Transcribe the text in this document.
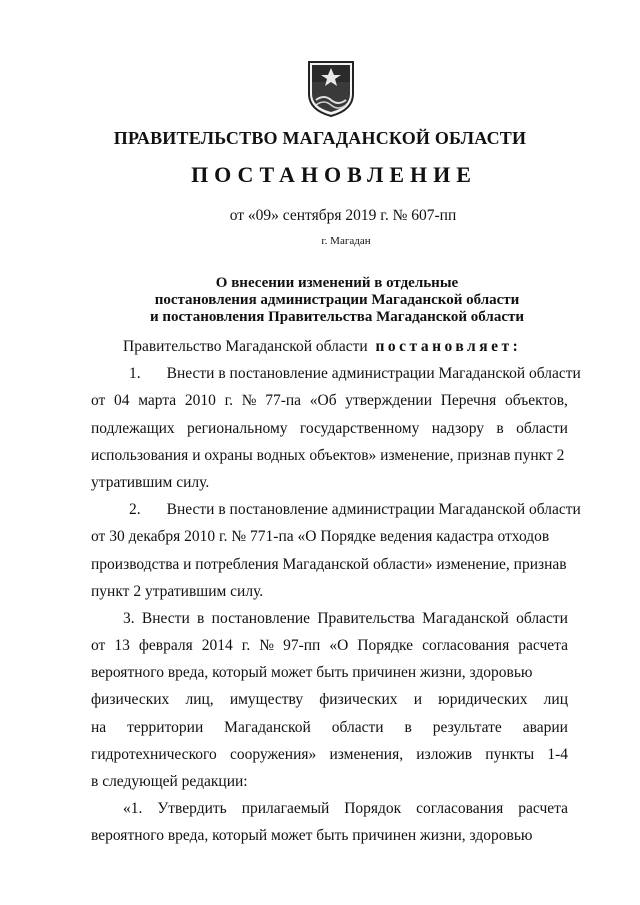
ПРАВИТЕЛЬСТВО МАГАДАНСКОЙ ОБЛАСТИ
ПОСТАНОВЛЕНИЕ
от «09» сентября 2019 г. № 607-пп
г. Магадан
О внесении изменений в отдельные
постановления администрации Магаданской области
и постановления Правительства Магаданской области
Правительство Магаданской области
постановляет:
1. Внести в постановление администрации Магаданской области
от 04 марта 2010 г. № 77-па «Об утверждении Перечня объектов,
подлежащих региональному государственному надзору в области
использования и охраны водных объектов» изменение, признав пункт 2
утратившим силу.
2. Внести в постановление администрации Магаданской области
от 30 декабря 2010 г. № 771-па «О Порядке ведения кадастра отходов
производства и потребления Магаданской области» изменение, признав
пункт 2 утратившим силу.
3. Внести в постановление Правительства Магаданской области
от 13 февраля 2014 г. № 97-пп «О Порядке согласования расчета
вероятного вреда, который может быть причинен жизни, здоровью
физических лиц, имуществу физических и юридических лиц
на территории Магаданской области в результате аварии
гидротехнического сооружения» изменения, изложив пункты 1-4
в следующей редакции:
«1. Утвердить прилагаемый Порядок согласования расчета
вероятного вреда, который может быть причинен жизни, здоровью
